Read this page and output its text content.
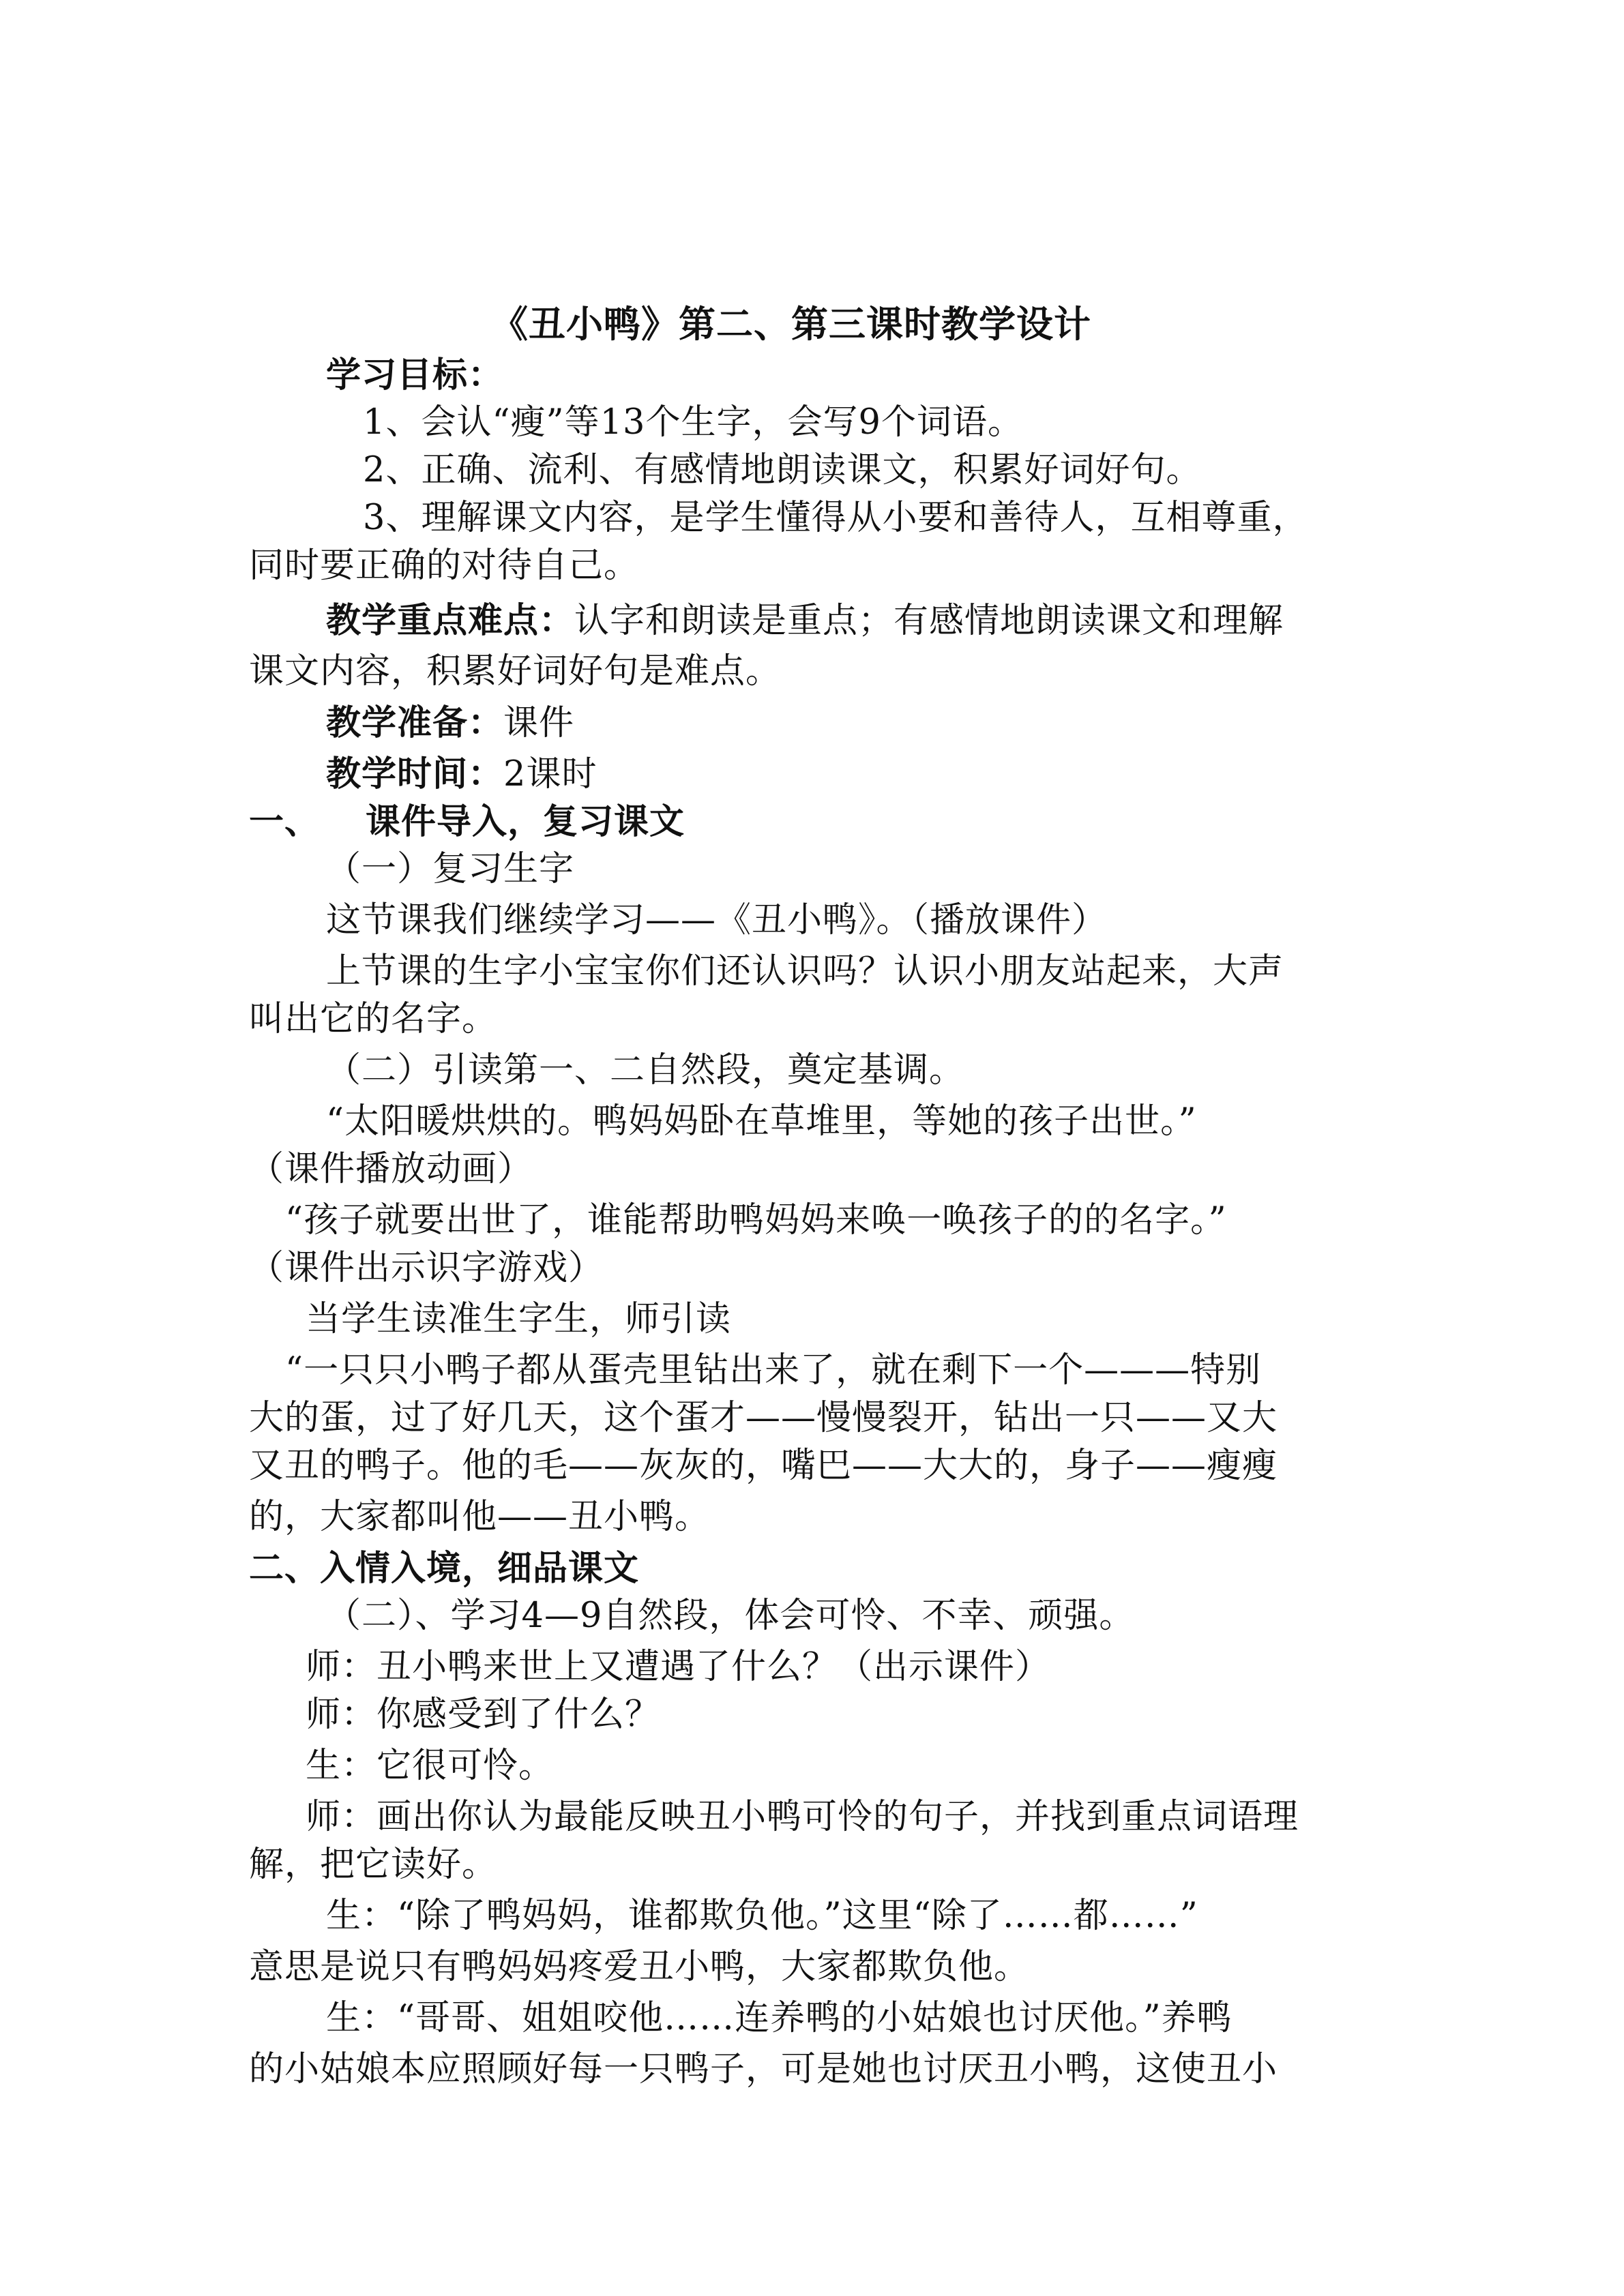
《丑小鸭》第二、第三课时教学设计
学习目标：
1、会认“瘦”等13个生字，会写9个词语。
2、正确、流利、有感情地朗读课文，积累好词好句。
3、理解课文内容，是学生懂得从小要和善待人，互相尊重，
同时要正确的对待自己。
教学重点难点：认字和朗读是重点；有感情地朗读课文和理解
课文内容，积累好词好句是难点。
教学准备：课件
教学时间：2课时
一、 课件导入，复习课文
（一）复习生字
这节课我们继续学习——《丑小鸭》。（播放课件）
上节课的生字小宝宝你们还认识吗？认识小朋友站起来，大声
叫出它的名字。
（二）引读第一、二自然段，奠定基调。
“太阳暖烘烘的。鸭妈妈卧在草堆里，等她的孩子出世。”
（课件播放动画）
“孩子就要出世了，谁能帮助鸭妈妈来唤一唤孩子的的名字。”
（课件出示识字游戏）
当学生读准生字生，师引读
“一只只小鸭子都从蛋壳里钻出来了，就在剩下一个———特别
大的蛋，过了好几天，这个蛋才——慢慢裂开，钻出一只——又大
又丑的鸭子。他的毛——灰灰的，嘴巴——大大的，身子——瘦瘦
的，大家都叫他——丑小鸭。
二、入情入境，细品课文
（二）、学习4—9自然段，体会可怜、不幸、顽强。
师：丑小鸭来世上又遭遇了什么？（出示课件）
师：你感受到了什么？
生：它很可怜。
师：画出你认为最能反映丑小鸭可怜的句子，并找到重点词语理
解，把它读好。
生：“除了鸭妈妈，谁都欺负他。”这里“除了……都……”
意思是说只有鸭妈妈疼爱丑小鸭，大家都欺负他。
生：“哥哥、姐姐咬他……连养鸭的小姑娘也讨厌他。”养鸭
的小姑娘本应照顾好每一只鸭子，可是她也讨厌丑小鸭，这使丑小
